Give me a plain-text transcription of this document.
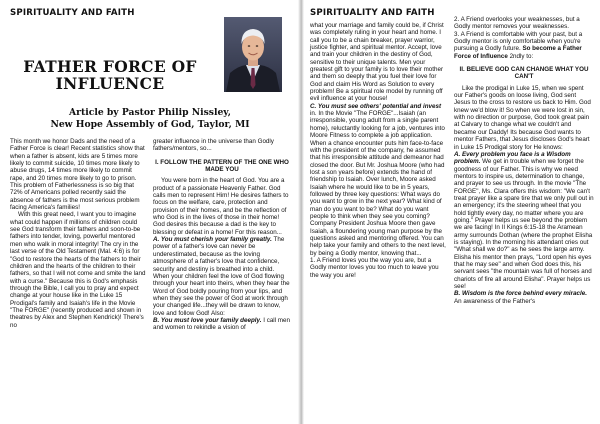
SPIRITUALITY AND FAITH
FATHER FORCE OF INFLUENCE
Article by Pastor Philip Nissley,
New Hope Assembly of God, Taylor, MI

This month we honor Dads and the need of a Father Force is clear! Recent statistics show that when a father is absent, kids are 5 times more likely to commit suicide, 10 times more likely to abuse drugs, 14 times more likely to commit rape, and 20 times more likely to go to prison. This problem of Fatherlessness is so big that 72% of Americans polled recently said the absence of fathers is the most serious problem facing America's families!

With this great need, I want you to imagine what could happen if millions of children could see God transform their fathers and soon-to-be fathers into tender, loving, powerful mentored men who walk in moral integrity! The cry in the last verse of the Old Testament (Mal. 4:6) is for "God to restore the hearts of the fathers to their children and the hearts of the children to their fathers, so that I will not come and smite the land with a curse." Because this is God's emphasis through the Bible, I call you to pray and expect change at your house like in the Luke 15 Prodigal's family and Isaiah's life in the Movie "The FORGE" (recently produced and shown in theatres by Alex and Stephen Kendrick)! There's no

greater influence in the universe than Godly fathers/mentors, so...

I. FOLLOW THE PATTERN OF THE ONE WHO MADE YOU

You were born in the heart of God. You are a product of a passionate Heavenly Father. God calls men to represent Him! He desires fathers to focus on the welfare, care, protection and provision of their homes, and be the reflection of who God is in the lives of those in their home! God desires this because a dad is the key to blessing or defeat in a home! For this reason...

A. You must cherish your family greatly. The power of a father's love can never be underestimated, because as the loving atmosphere of a father's love that confidence, security and destiny is breathed into a child. When your children feel the love of God flowing through your heart into theirs, when they hear the Word of God boldly pouring from your lips, and when they see the power of God at work through your changed life...they will be drawn to know, love and follow God! Also:

B. You must love your family deeply. I call men and women to rekindle a vision of

SPIRITUALITY AND FAITH

what your marriage and family could be, if Christ was completely ruling in your heart and home. I call you to be a chain breaker, prayer warrior, justice fighter, and spiritual mentor. Accept, love and train your children in the destiny of God, sensitive to their unique talents. Men your greatest gift to your family is to love their mother and them so deeply that you fuel their love for God and claim His Word as Solution to every problem! Be a spiritual role model by running off evil influence at your house!

C. You must see others' potential and invest in. In the Movie "The FORGE"...Isaiah (an irresponsible, young adult from a single parent home), reluctantly looking for a job, ventures into Moore Fitness to complete a job application. When a chance encounter puts him face-to-face with the president of the company, he assumed that his irresponsible attitude and demeanor had closed the door. But Mr. Joshua Moore (who had lost a son years before) extends the hand of friendship to Isaiah. Over lunch, Moore asked Isaiah where he would like to be in 5 years, followed by three key questions: What ways do you want to grow in the next year? What kind of man do you want to be? What do you want people to think when they see you coming? Company President Joshua Moore then gave Isaiah, a floundering young man purpose by the questions asked and mentoring offered. You can help take your family and others to the next level, by being a Godly mentor, knowing that...

1. A Friend loves you the way you are, but a Godly mentor loves you too much to leave you the way you are!

2. A Friend overlooks your weaknesses, but a Godly mentor removes your weaknesses.

3. A Friend is comfortable with your past, but a Godly mentor is only comfortable when you're pursuing a Godly future. So become a Father Force of Influence 2ndly to:

II. BELIEVE GOD CAN CHANGE WHAT YOU CAN'T

Like the prodigal in Luke 15, when we spent our Father's goods on loose living, God sent Jesus to the cross to restore us back to Him. God knew we'd blow it! So when we were lost in sin, with no direction or purpose, God took great pain at Calvary to change what we couldn't and became our Daddy! Its because God wants to mentor Fathers, that Jesus discloses God's heart in Luke 15 Prodigal story for He knows:

A. Every problem you face is a Wisdom problem. We get in trouble when we forget the goodness of our Father. This is why we need mentors to inspire us, determination to change, and prayer to see us through. In the movie "The FORGE", Ms. Clara offers this wisdom: "We can't treat prayer like a spare tire that we only pull out in an emergency; it's the steering wheel that you hold tightly every day, no matter where you are going." Prayer helps us see beyond the problem we are facing! In II Kings 6:15-18 the Aramean army surrounds Dothan (where the prophet Elisha is staying). In the morning his attendant cries out "What shall we do?" as he sees the large army. Elisha his mentor then prays, "Lord open his eyes that he may see" and when God does this, his servant sees "the mountain was full of horses and chariots of fire all around Elisha". Prayer helps us see!

B. Wisdom is the force behind every miracle. An awareness of the Father's
